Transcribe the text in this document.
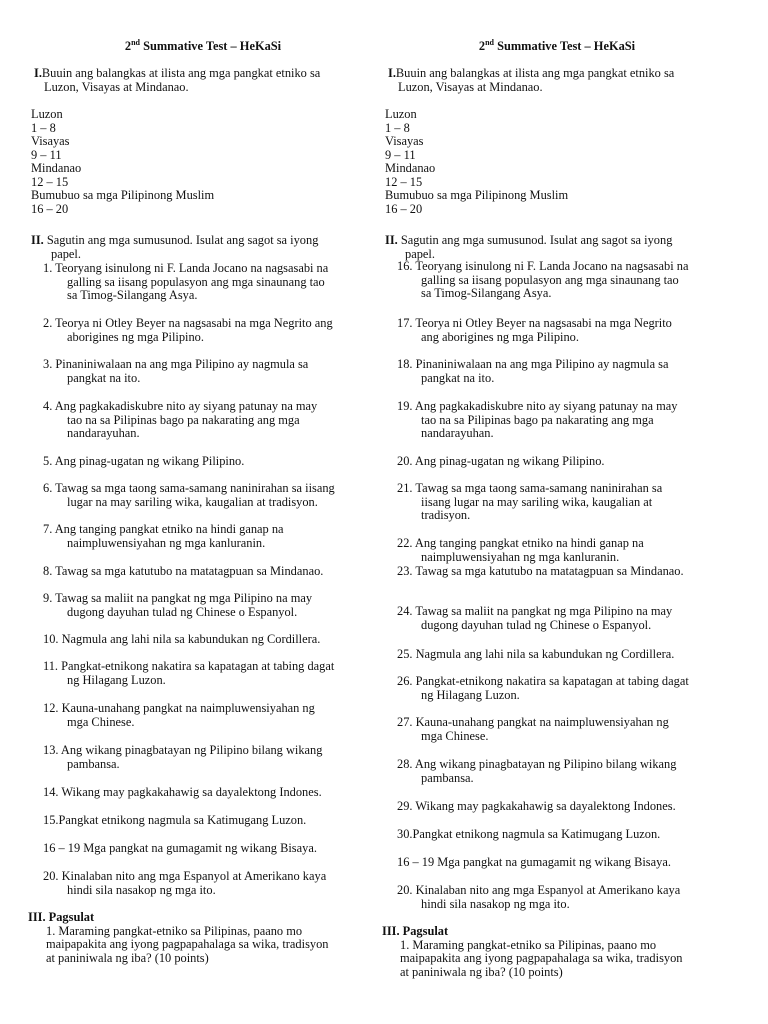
2nd Summative Test – HeKaSi
I.Buuin ang balangkas at ilista ang mga pangkat etniko sa
Luzon, Visayas at Mindanao.
Luzon
1 – 8
Visayas
9 – 11
Mindanao
12 – 15
Bumubuo sa mga Pilipinong Muslim
16 – 20
II. Sagutin ang mga sumusunod. Isulat ang sagot sa iyong
papel.
1. Teoryang isinulong ni F. Landa Jocano na nagsasabi na
galling sa iisang populasyon ang mga sinaunang tao
sa Timog-Silangang Asya.
2. Teorya ni Otley Beyer na nagsasabi na mga Negrito ang
aborigines ng mga Pilipino.
3. Pinaniniwalaan na ang mga Pilipino ay nagmula sa
pangkat na ito.
4. Ang pagkakadiskubre nito ay siyang patunay na may
tao na sa Pilipinas bago pa nakarating ang mga
nandarayuhan.
5. Ang pinag-ugatan ng wikang Pilipino.
6. Tawag sa mga taong sama-samang naninirahan sa iisang
lugar na may sariling wika, kaugalian at tradisyon.
7. Ang tanging pangkat etniko na hindi ganap na
naimpluwensiyahan ng mga kanluranin.
8. Tawag sa mga katutubo na matatagpuan sa Mindanao.
9. Tawag sa maliit na pangkat ng mga Pilipino na may
dugong dayuhan tulad ng Chinese o Espanyol.
10. Nagmula ang lahi nila sa kabundukan ng Cordillera.
11. Pangkat-etnikong nakatira sa kapatagan at tabing dagat
ng Hilagang Luzon.
12. Kauna-unahang pangkat na naimpluwensiyahan ng
mga Chinese.
13. Ang wikang pinagbatayan ng Pilipino bilang wikang
pambansa.
14. Wikang may pagkakahawig sa dayalektong Indones.
15.Pangkat etnikong nagmula sa Katimugang Luzon.
16 – 19 Mga pangkat na gumagamit ng wikang Bisaya.
20. Kinalaban nito ang mga Espanyol at Amerikano kaya
hindi sila nasakop ng mga ito.
III. Pagsulat
1. Maraming pangkat-etniko sa Pilipinas, paano mo
maipapakita ang iyong pagpapahalaga sa wika, tradisyon
at paniniwala ng iba? (10 points)
2nd Summative Test – HeKaSi
I.Buuin ang balangkas at ilista ang mga pangkat etniko sa
Luzon, Visayas at Mindanao.
Luzon
1 – 8
Visayas
9 – 11
Mindanao
12 – 15
Bumubuo sa mga Pilipinong Muslim
16 – 20
II. Sagutin ang mga sumusunod. Isulat ang sagot sa iyong
papel.
16. Teoryang isinulong ni F. Landa Jocano na nagsasabi na
galling sa iisang populasyon ang mga sinaunang tao
sa Timog-Silangang Asya.
17. Teorya ni Otley Beyer na nagsasabi na mga Negrito
ang aborigines ng mga Pilipino.
18. Pinaniniwalaan na ang mga Pilipino ay nagmula sa
pangkat na ito.
19. Ang pagkakadiskubre nito ay siyang patunay na may
tao na sa Pilipinas bago pa nakarating ang mga
nandarayuhan.
20. Ang pinag-ugatan ng wikang Pilipino.
21. Tawag sa mga taong sama-samang naninirahan sa
iisang lugar na may sariling wika, kaugalian at
tradisyon.
22. Ang tanging pangkat etniko na hindi ganap na
naimpluwensiyahan ng mga kanluranin.
23. Tawag sa mga katutubo na matatagpuan sa Mindanao.
24. Tawag sa maliit na pangkat ng mga Pilipino na may
dugong dayuhan tulad ng Chinese o Espanyol.
25. Nagmula ang lahi nila sa kabundukan ng Cordillera.
26. Pangkat-etnikong nakatira sa kapatagan at tabing dagat
ng Hilagang Luzon.
27. Kauna-unahang pangkat na naimpluwensiyahan ng
mga Chinese.
28. Ang wikang pinagbatayan ng Pilipino bilang wikang
pambansa.
29. Wikang may pagkakahawig sa dayalektong Indones.
30.Pangkat etnikong nagmula sa Katimugang Luzon.
16 – 19 Mga pangkat na gumagamit ng wikang Bisaya.
20. Kinalaban nito ang mga Espanyol at Amerikano kaya
hindi sila nasakop ng mga ito.
III. Pagsulat
1. Maraming pangkat-etniko sa Pilipinas, paano mo
maipapakita ang iyong pagpapahalaga sa wika, tradisyon
at paniniwala ng iba? (10 points)
